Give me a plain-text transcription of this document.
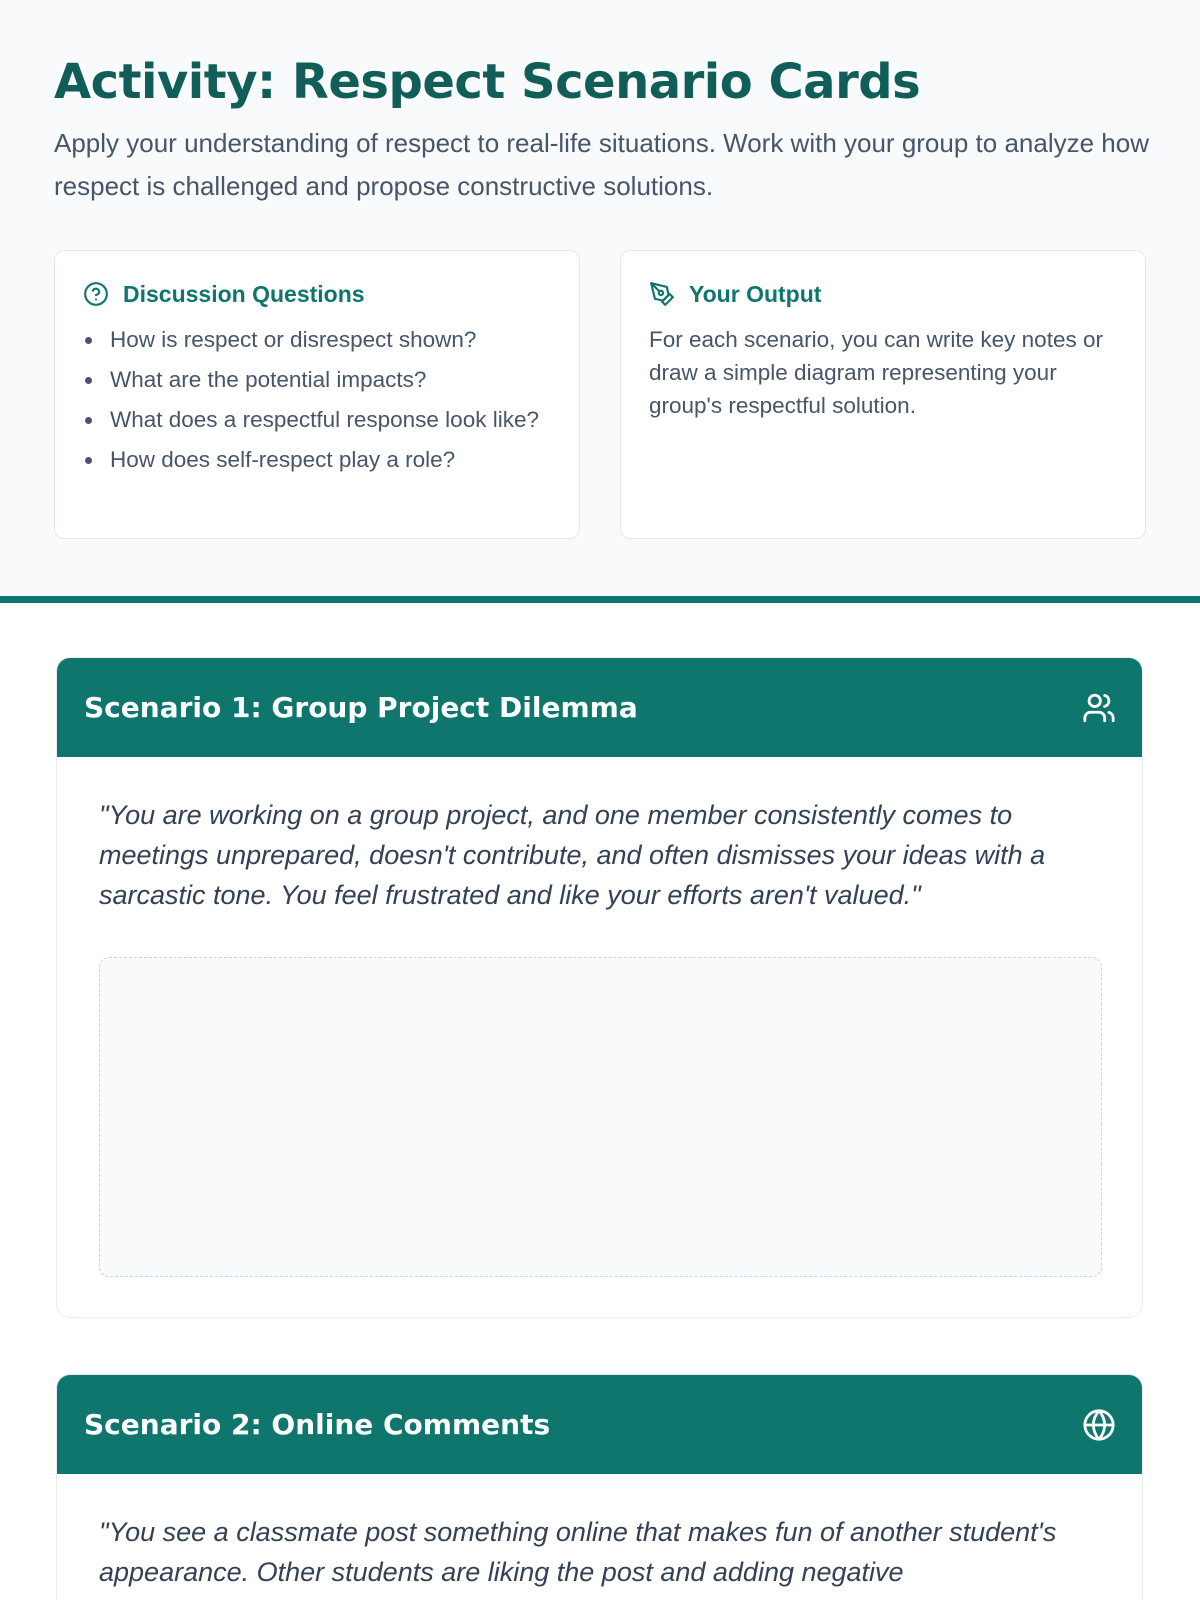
Activity: Respect Scenario Cards

Apply your understanding of respect to real-life situations. Work with your group to analyze how respect is challenged and propose constructive solutions.

Discussion Questions
How is respect or disrespect shown?
What are the potential impacts?
What does a respectful response look like?
How does self-respect play a role?
Your Output

For each scenario, you can write key notes or draw a simple diagram representing your group's respectful solution.

Scenario 1: Group Project Dilemma

"You are working on a group project, and one member consistently comes to meetings unprepared, doesn't contribute, and often dismisses your ideas with a sarcastic tone. You feel frustrated and like your efforts aren't valued."

Scenario 2: Online Comments

"You see a classmate post something online that makes fun of another student's appearance. Other students are liking the post and adding negative
